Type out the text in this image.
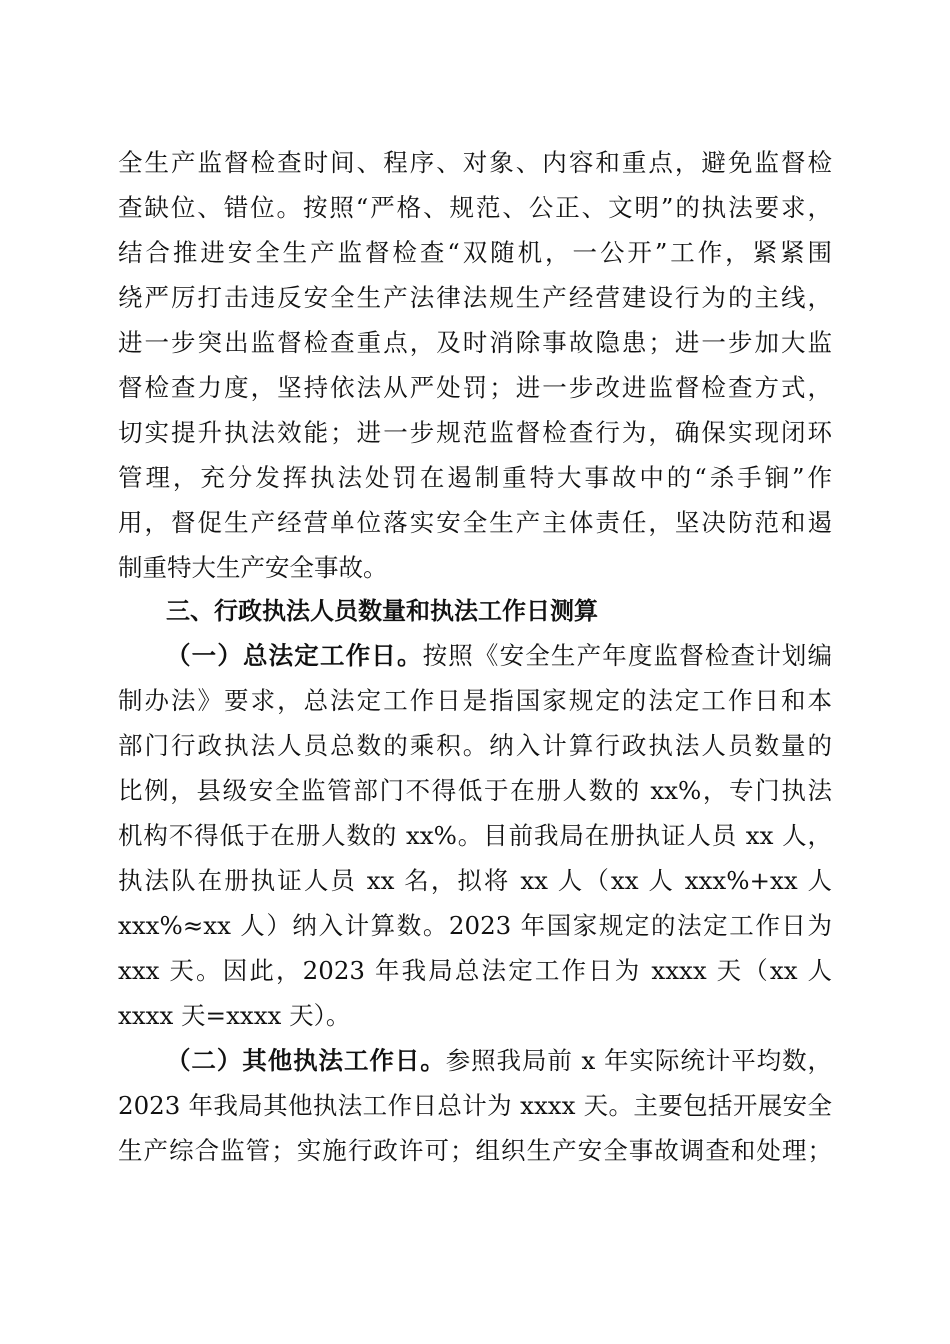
全生产监督检查时间、程序、对象、内容和重点，避免监督检
查缺位、错位。按照“严格、规范、公正、文明”的执法要求，
结合推进安全生产监督检查“双随机，一公开”工作，紧紧围
绕严厉打击违反安全生产法律法规生产经营建设行为的主线，
进一步突出监督检查重点，及时消除事故隐患；进一步加大监
督检查力度，坚持依法从严处罚；进一步改进监督检查方式，
切实提升执法效能；进一步规范监督检查行为，确保实现闭环
管理，充分发挥执法处罚在遏制重特大事故中的“杀手锏”作
用，督促生产经营单位落实安全生产主体责任，坚决防范和遏
制重特大生产安全事故。
三、行政执法人员数量和执法工作日测算
（一）总法定工作日。按照《安全生产年度监督检查计划编
制办法》要求，总法定工作日是指国家规定的法定工作日和本
部门行政执法人员总数的乘积。纳入计算行政执法人员数量的
比例，县级安全监管部门不得低于在册人数的 xx%，专门执法
机构不得低于在册人数的 xx%。目前我局在册执证人员 xx 人，
执法队在册执证人员 xx 名，拟将 xx 人（xx 人 xxx%+xx 人
xxx%≈xx 人）纳入计算数。2023 年国家规定的法定工作日为
xxx 天。因此，2023 年我局总法定工作日为 xxxx 天（xx 人
xxxx 天=xxxx 天）。
（二）其他执法工作日。参照我局前 x 年实际统计平均数，
2023 年我局其他执法工作日总计为 xxxx 天。主要包括开展安全
生产综合监管；实施行政许可；组织生产安全事故调查和处理；
